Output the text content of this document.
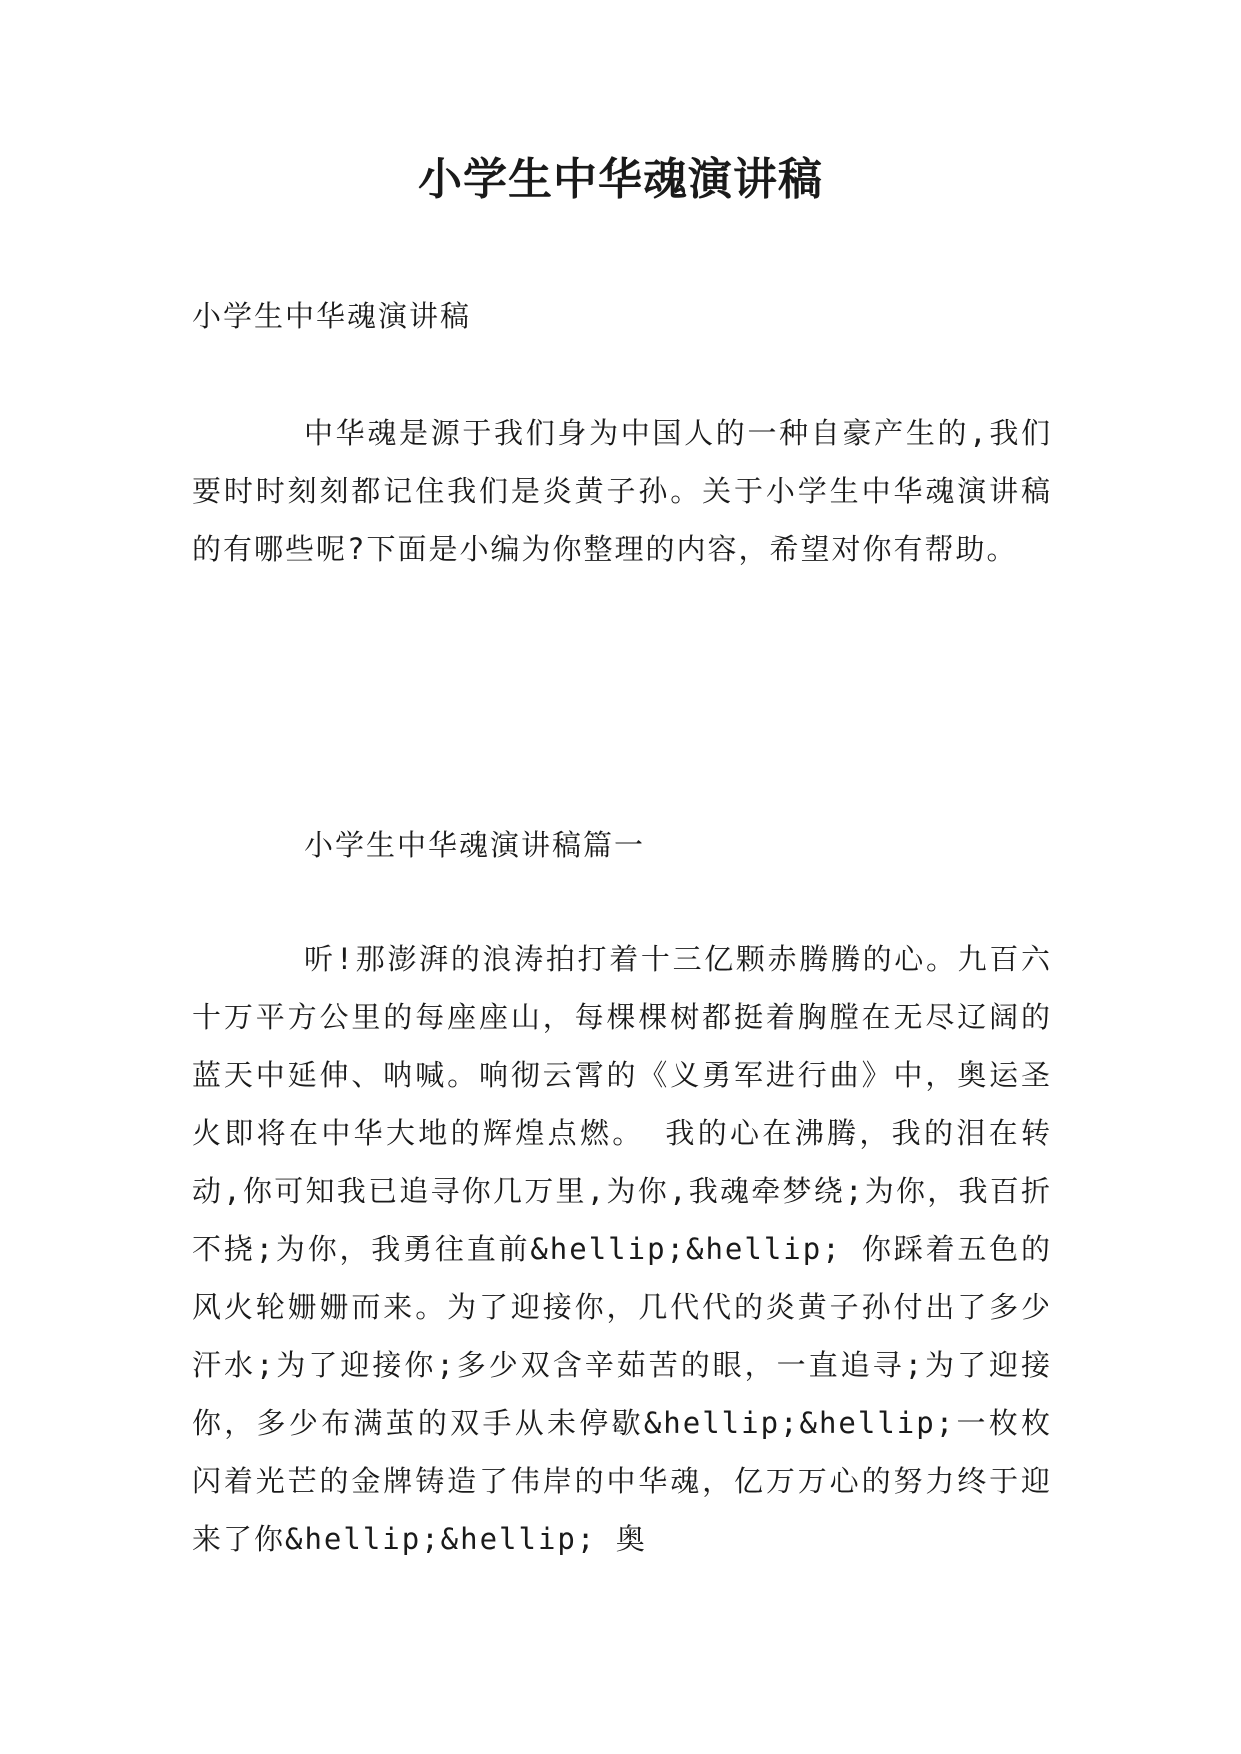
小学生中华魂演讲稿

小学生中华魂演讲稿

中华魂是源于我们身为中国人的一种自豪产生的,我们要时时刻刻都记住我们是炎黄子孙。关于小学生中华魂演讲稿的有哪些呢?下面是小编为你整理的内容，希望对你有帮助。

小学生中华魂演讲稿篇一

听!那澎湃的浪涛拍打着十三亿颗赤腾腾的心。九百六十万平方公里的每座座山，每棵棵树都挺着胸膛在无尽辽阔的蓝天中延伸、呐喊。响彻云霄的《义勇军进行曲》中，奥运圣火即将在中华大地的辉煌点燃。 我的心在沸腾，我的泪在转动,你可知我已追寻你几万里,为你,我魂牵梦绕;为你，我百折不挠;为你，我勇往直前&hellip;&hellip; 你踩着五色的风火轮姗姗而来。为了迎接你，几代代的炎黄子孙付出了多少汗水;为了迎接你;多少双含辛茹苦的眼，一直追寻;为了迎接你，多少布满茧的双手从未停歇&hellip;&hellip;一枚枚闪着光芒的金牌铸造了伟岸的中华魂，亿万万心的努力终于迎来了你&hellip;&hellip; 奥
